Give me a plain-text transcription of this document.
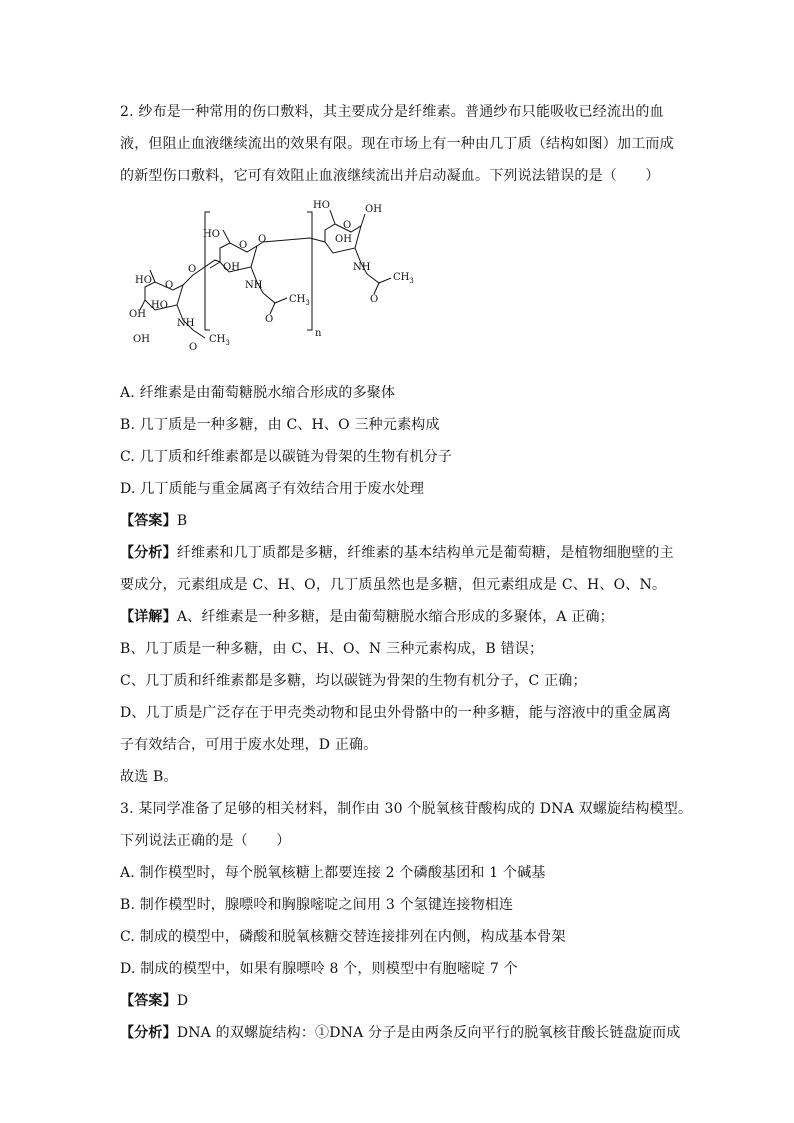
2. 纱布是一种常用的伤口敷料，其主要成分是纤维素。普通纱布只能吸收已经流出的血
液，但阻止血液继续流出的效果有限。现在市场上有一种由几丁质（结构如图）加工而成
的新型伤口敷料，它可有效阻止血液继续流出并启动凝血。下列说法错误的是（　　）
HO
HO
HO	OH
O
O
O
O
O
OH
OH
HO
OH
OH
NH
NH
NH
O
O
O
$CH_3$
$CH_3$
$CH_3$
n
A. 纤维素是由葡萄糖脱水缩合形成的多聚体
B. 几丁质是一种多糖，由 C、H、O 三种元素构成
C. 几丁质和纤维素都是以碳链为骨架的生物有机分子
D. 几丁质能与重金属离子有效结合用于废水处理
【答案】B
【分析】纤维素和几丁质都是多糖，纤维素的基本结构单元是葡萄糖，是植物细胞壁的主
要成分，元素组成是 C、H、O，几丁质虽然也是多糖，但元素组成是 C、H、O、N。
【详解】A、纤维素是一种多糖，是由葡萄糖脱水缩合形成的多聚体，A 正确；
B、几丁质是一种多糖，由 C、H、O、N 三种元素构成，B 错误；
C、几丁质和纤维素都是多糖，均以碳链为骨架的生物有机分子，C 正确；
D、几丁质是广泛存在于甲壳类动物和昆虫外骨骼中的一种多糖，能与溶液中的重金属离
子有效结合，可用于废水处理，D 正确。
故选 B。
3. 某同学准备了足够的相关材料，制作由 30 个脱氧核苷酸构成的 DNA 双螺旋结构模型。
下列说法正确的是（　　）
A. 制作模型时，每个脱氧核糖上都要连接 2 个磷酸基团和 1 个碱基
B. 制作模型时，腺嘌呤和胸腺嘧啶之间用 3 个氢键连接物相连
C. 制成的模型中，磷酸和脱氧核糖交替连接排列在内侧，构成基本骨架
D. 制成的模型中，如果有腺嘌呤 8 个，则模型中有胞嘧啶 7 个
【答案】D
【分析】DNA 的双螺旋结构：①DNA 分子是由两条反向平行的脱氧核苷酸长链盘旋而成
